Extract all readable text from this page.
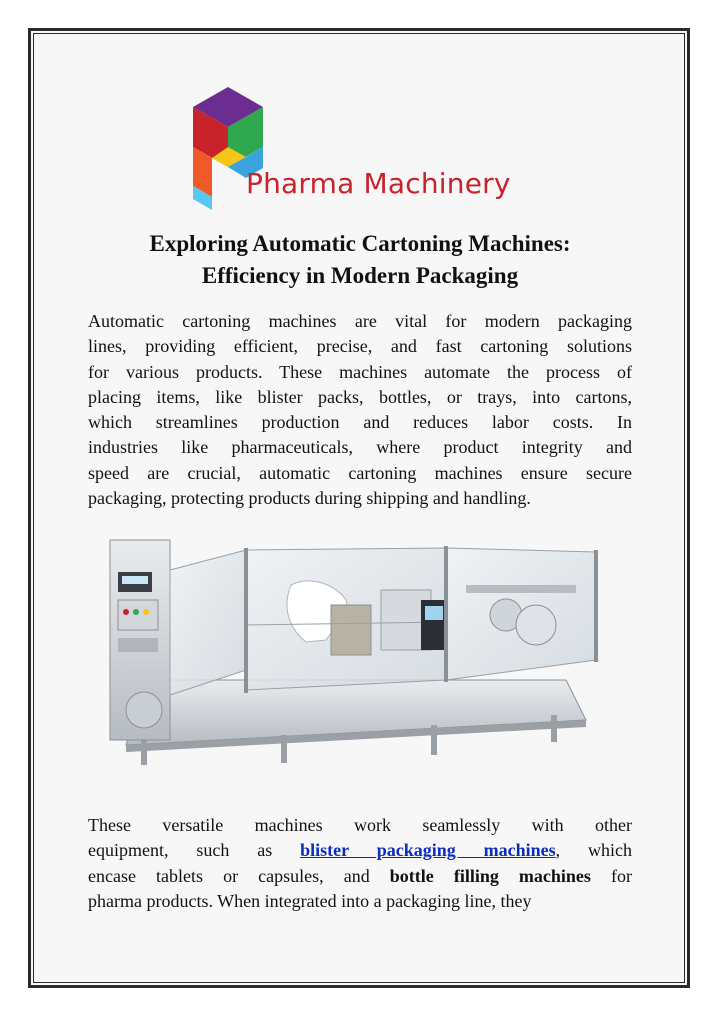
Pharma Machinery
Exploring Automatic Cartoning Machines:
Efficiency in Modern Packaging
Automatic cartoning machines are vital for modern packaging
lines, providing efficient, precise, and fast cartoning solutions
for various products. These machines automate the process of
placing items, like blister packs, bottles, or trays, into cartons,
which streamlines production and reduces labor costs. In
industries like pharmaceuticals, where product integrity and
speed are crucial, automatic cartoning machines ensure secure
packaging, protecting products during shipping and handling.
These versatile machines work seamlessly with other
equipment, such as blister packaging machines, which
encase tablets or capsules, and bottle filling machines for
pharma products. When integrated into a packaging line, they
